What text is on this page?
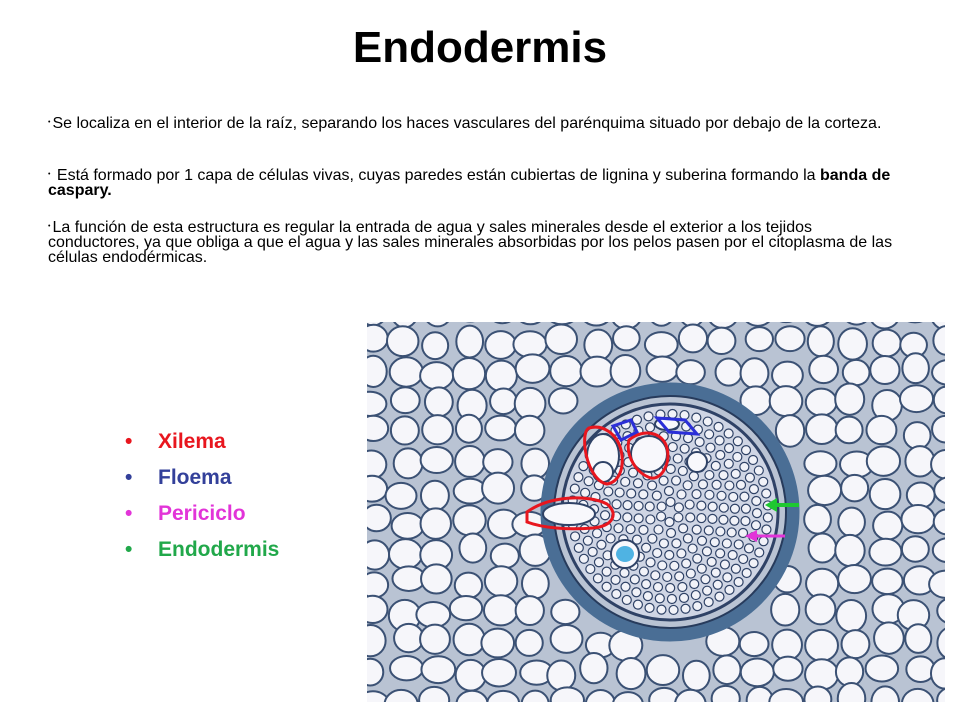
Endodermis
• Se localiza en el interior de la raíz, separando los haces vasculares del parénquima situado por debajo de la corteza.
• Está formado por 1 capa de células vivas, cuyas paredes están cubiertas de lignina y suberina formando la banda de caspary.
• La función de esta estructura es regular la entrada de agua y sales minerales desde el exterior a los tejidos conductores, ya que obliga a que el agua y las sales minerales absorbidas por los pelos pasen por el citoplasma de las células endodérmicas.
•	Xilema
•	Floema
•	Periciclo
•	Endodermis
